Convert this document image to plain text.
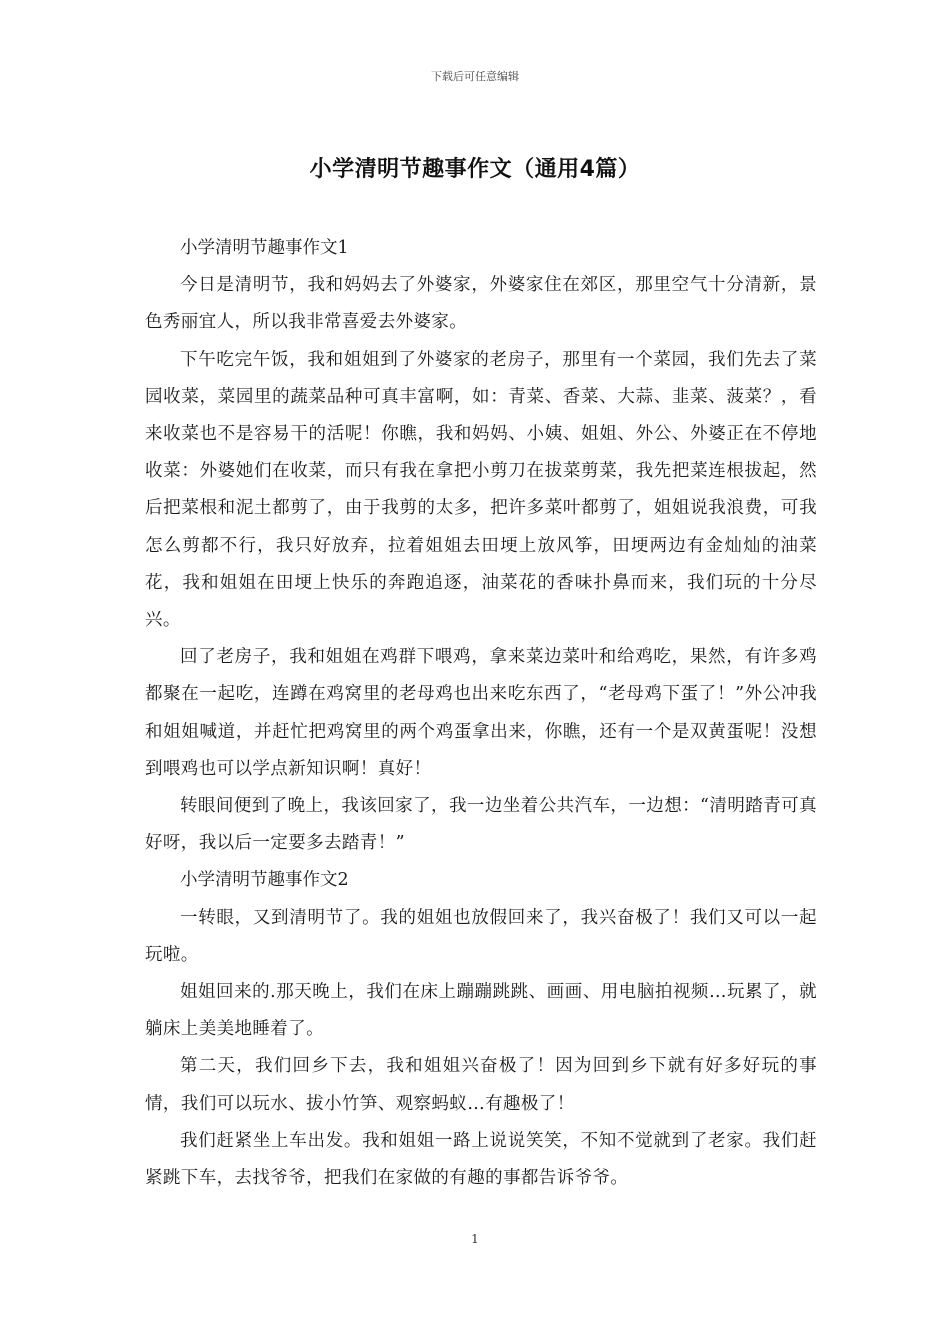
下载后可任意编辑
小学清明节趣事作文（通用4篇）

小学清明节趣事作文1

今日是清明节，我和妈妈去了外婆家，外婆家住在郊区，那里空气十分清新，景色秀丽宜人，所以我非常喜爱去外婆家。

下午吃完午饭，我和姐姐到了外婆家的老房子，那里有一个菜园，我们先去了菜园收菜，菜园里的蔬菜品种可真丰富啊，如：青菜、香菜、大蒜、韭菜、菠菜？，看来收菜也不是容易干的活呢！你瞧，我和妈妈、小姨、姐姐、外公、外婆正在不停地收菜：外婆她们在收菜，而只有我在拿把小剪刀在拔菜剪菜，我先把菜连根拔起，然后把菜根和泥土都剪了，由于我剪的太多，把许多菜叶都剪了，姐姐说我浪费，可我怎么剪都不行，我只好放弃，拉着姐姐去田埂上放风筝，田埂两边有金灿灿的油菜花，我和姐姐在田埂上快乐的奔跑追逐，油菜花的香味扑鼻而来，我们玩的十分尽兴。

回了老房子，我和姐姐在鸡群下喂鸡，拿来菜边菜叶和给鸡吃，果然，有许多鸡都聚在一起吃，连蹲在鸡窝里的老母鸡也出来吃东西了，“老母鸡下蛋了！”外公冲我和姐姐喊道，并赶忙把鸡窝里的两个鸡蛋拿出来，你瞧，还有一个是双黄蛋呢！没想到喂鸡也可以学点新知识啊！真好！

转眼间便到了晚上，我该回家了，我一边坐着公共汽车，一边想：“清明踏青可真好呀，我以后一定要多去踏青！”

小学清明节趣事作文2

一转眼，又到清明节了。我的姐姐也放假回来了，我兴奋极了！我们又可以一起玩啦。

姐姐回来的.那天晚上，我们在床上蹦蹦跳跳、画画、用电脑拍视频…玩累了，就躺床上美美地睡着了。

第二天，我们回乡下去，我和姐姐兴奋极了！因为回到乡下就有好多好玩的事情，我们可以玩水、拔小竹笋、观察蚂蚁…有趣极了！

我们赶紧坐上车出发。我和姐姐一路上说说笑笑，不知不觉就到了老家。我们赶紧跳下车，去找爷爷，把我们在家做的有趣的事都告诉爷爷。

1
